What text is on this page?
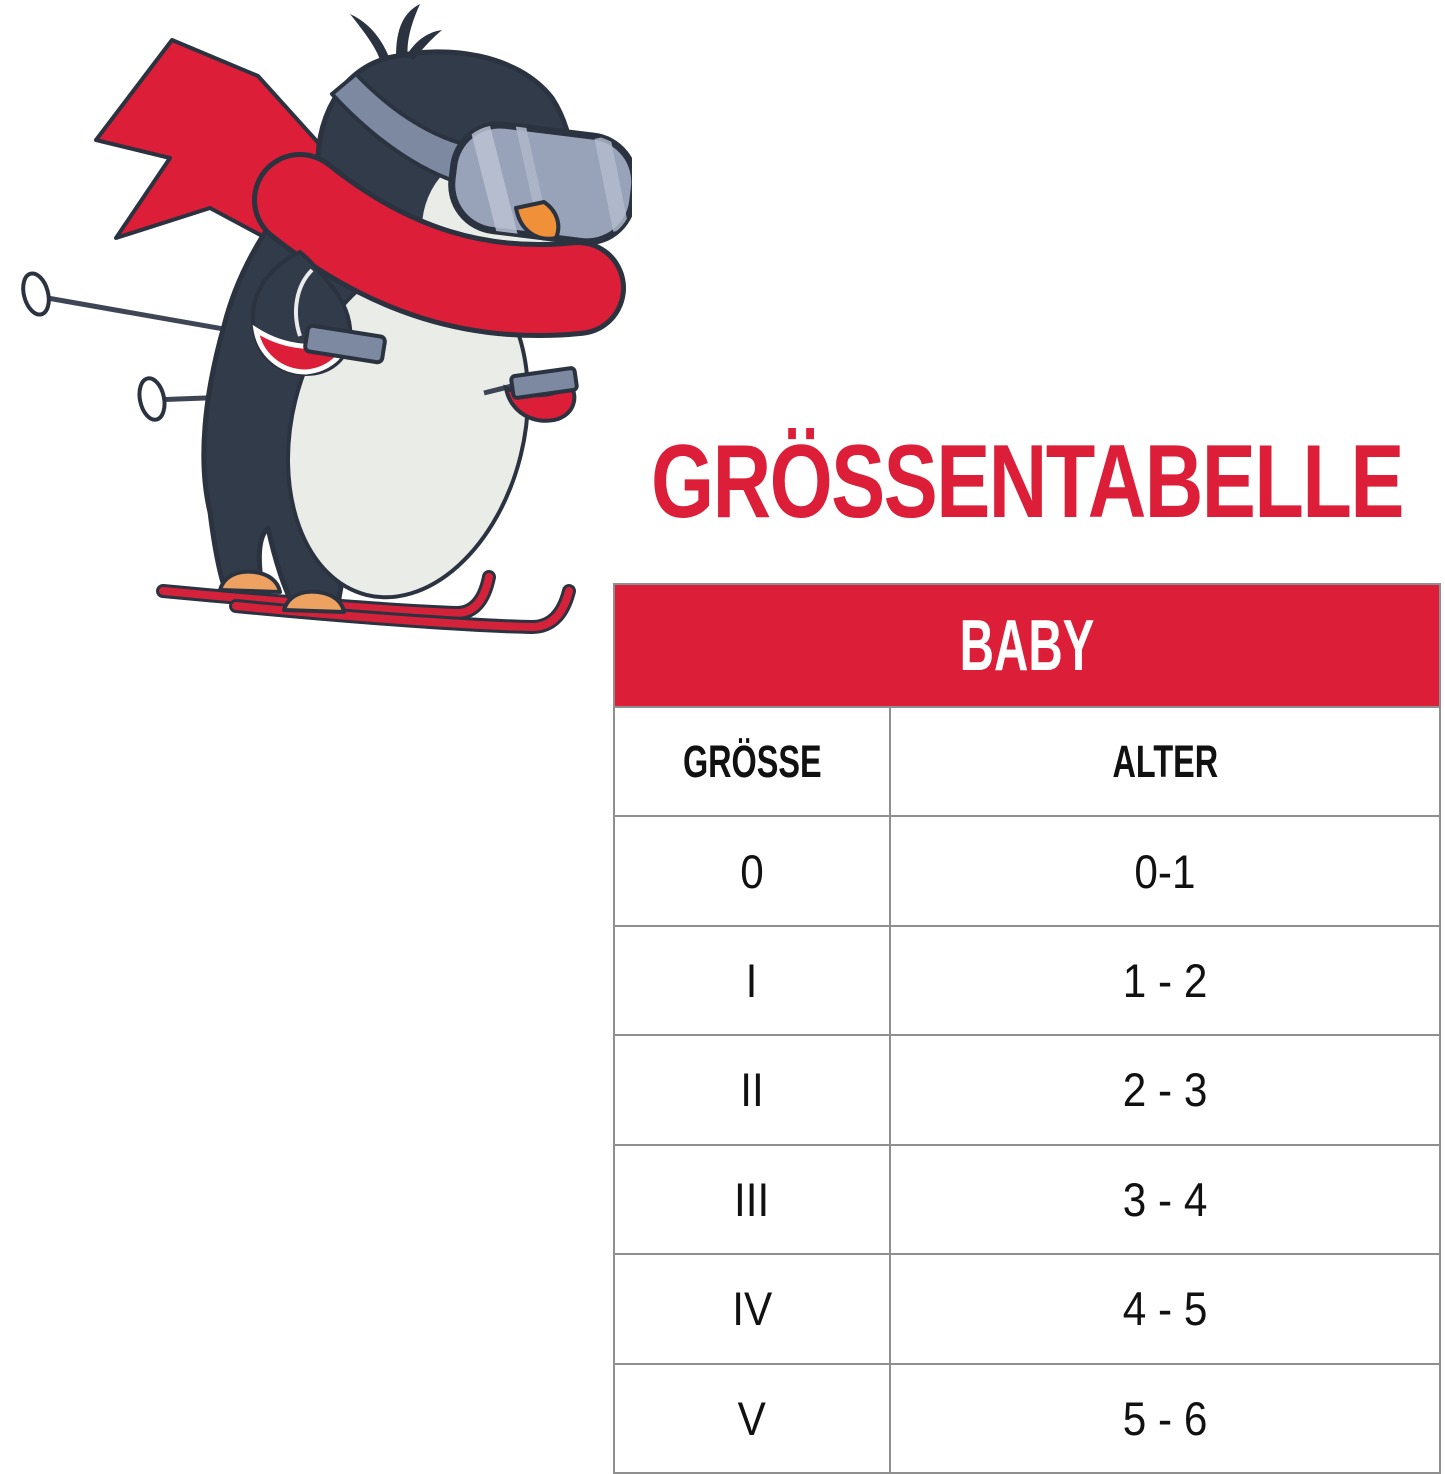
GRÖSSENTABELLE
BABY
GRÖSSE	ALTER
0	0-1
I	1 - 2
II	2 - 3
III	3 - 4
IV	4 - 5
V	5 - 6
